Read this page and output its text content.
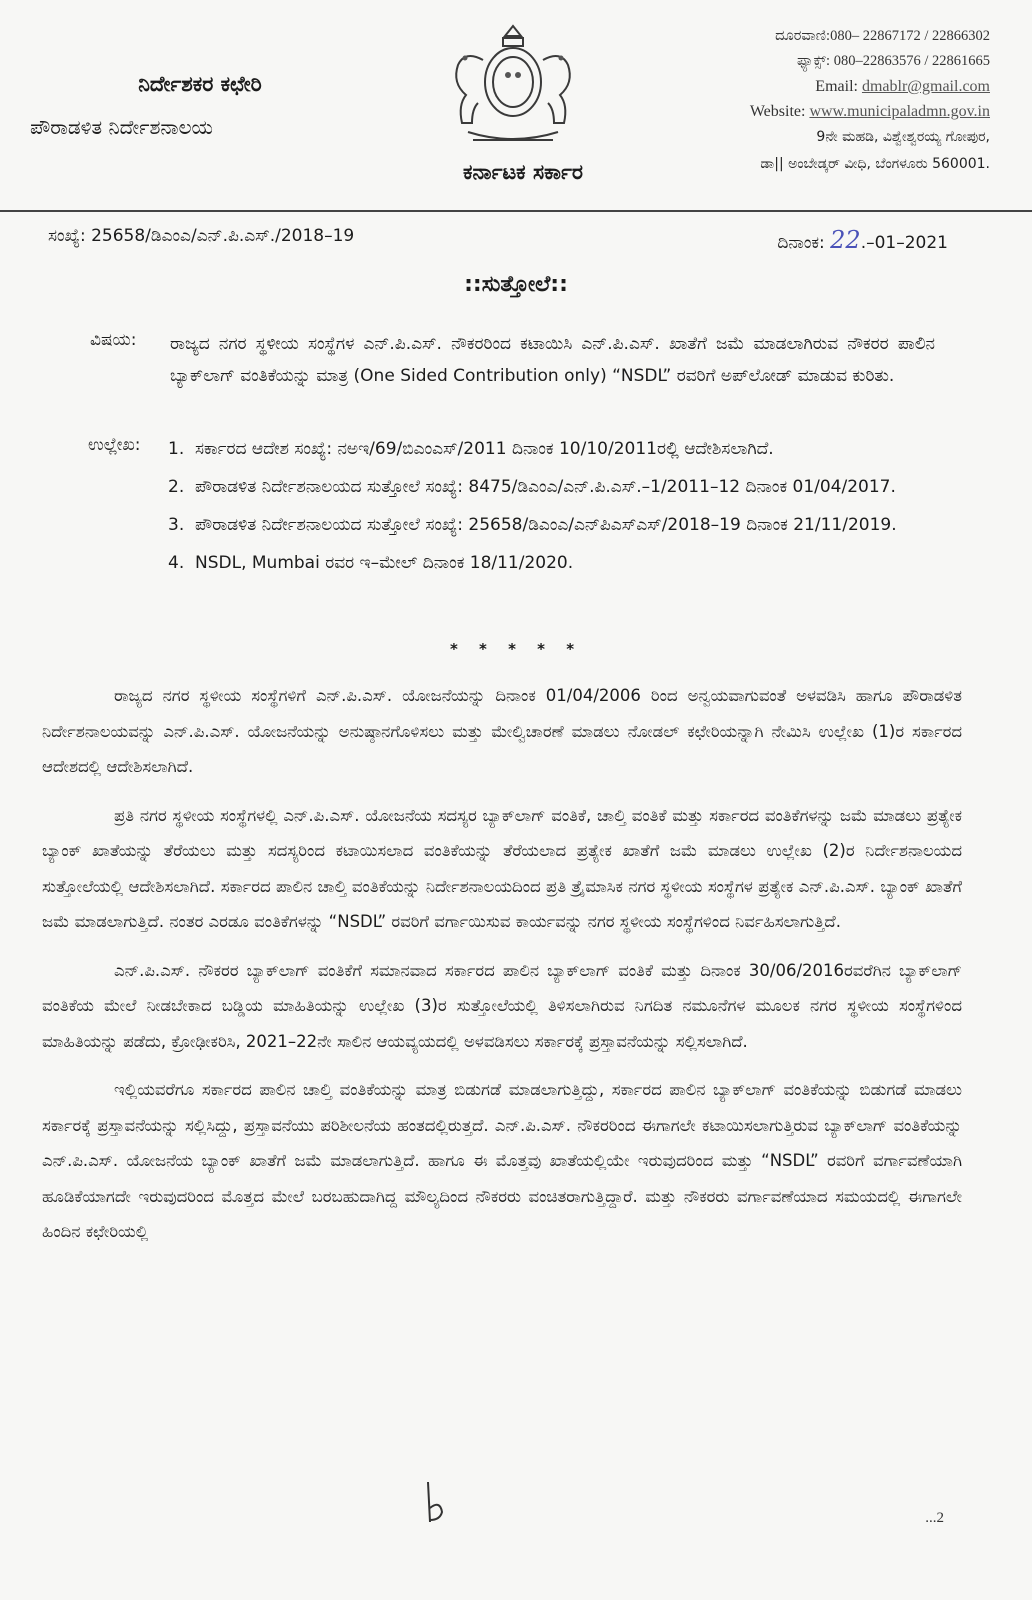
ನಿರ್ದೇಶಕರ ಕಛೇರಿ
ಪೌರಾಡಳಿತ ನಿರ್ದೇಶನಾಲಯ
ಕರ್ನಾಟಕ ಸರ್ಕಾರ
ದೂರವಾಣಿ:080– 22867172 / 22866302
ಫ್ಯಾಕ್ಸ್: 080–22863576 / 22861665
Email: dmablr@gmail.com
Website: www.municipaladmn.gov.in
9ನೇ ಮಹಡಿ, ವಿಶ್ವೇಶ್ವರಯ್ಯ ಗೋಪುರ,
ಡಾ|| ಅಂಬೇಡ್ಕರ್ ವೀಧಿ, ಬೆಂಗಳೂರು 560001.
ಸಂಖ್ಯೆ: 25658/ಡಿಎಂಎ/ಎನ್.ಪಿ.ಎಸ್./2018–19	ದಿನಾಂಕ: 22.–01–2021
::ಸುತ್ತೋಲೆ::
ವಿಷಯ: ರಾಜ್ಯದ ನಗರ ಸ್ಥಳೀಯ ಸಂಸ್ಥೆಗಳ ಎನ್.ಪಿ.ಎಸ್. ನೌಕರರಿಂದ ಕಟಾಯಿಸಿ ಎನ್.ಪಿ.ಎಸ್. ಖಾತೆಗೆ ಜಮೆ ಮಾಡಲಾಗಿರುವ ನೌಕರರ ಪಾಲಿನ ಬ್ಯಾಕ್‌ಲಾಗ್ ವಂತಿಕೆಯನ್ನು ಮಾತ್ರ (One Sided Contribution only) “NSDL” ರವರಿಗೆ ಅಪ್‌ಲೋಡ್ ಮಾಡುವ ಕುರಿತು.
ಉಲ್ಲೇಖ: 1. ಸರ್ಕಾರದ ಆದೇಶ ಸಂಖ್ಯೆ: ನಅಇ/69/ಬಿಎಂಎಸ್/2011 ದಿನಾಂಕ 10/10/2011ರಲ್ಲಿ ಆದೇಶಿಸಲಾಗಿದೆ.
2. ಪೌರಾಡಳಿತ ನಿರ್ದೇಶನಾಲಯದ ಸುತ್ತೋಲೆ ಸಂಖ್ಯೆ: 8475/ಡಿಎಂಎ/ಎನ್.ಪಿ.ಎಸ್.–1/2011–12 ದಿನಾಂಕ 01/04/2017.
3. ಪೌರಾಡಳಿತ ನಿರ್ದೇಶನಾಲಯದ ಸುತ್ತೋಲೆ ಸಂಖ್ಯೆ: 25658/ಡಿಎಂಎ/ಎನ್‌ಪಿಎಸ್‌ಎಸ್/2018–19 ದಿನಾಂಕ 21/11/2019.
4. NSDL, Mumbai ರವರ ಇ–ಮೇಲ್ ದಿನಾಂಕ 18/11/2020.
* * * * *

ರಾಜ್ಯದ ನಗರ ಸ್ಥಳೀಯ ಸಂಸ್ಥೆಗಳಿಗೆ ಎನ್.ಪಿ.ಎಸ್. ಯೋಜನೆಯನ್ನು ದಿನಾಂಕ 01/04/2006 ರಿಂದ ಅನ್ವಯವಾಗುವಂತೆ ಅಳವಡಿಸಿ ಹಾಗೂ ಪೌರಾಡಳಿತ ನಿರ್ದೇಶನಾಲಯವನ್ನು ಎನ್.ಪಿ.ಎಸ್. ಯೋಜನೆಯನ್ನು ಅನುಷ್ಠಾನಗೊಳಿಸಲು ಮತ್ತು ಮೇಲ್ವಿಚಾರಣೆ ಮಾಡಲು ನೋಡಲ್ ಕಛೇರಿಯನ್ನಾಗಿ ನೇಮಿಸಿ ಉಲ್ಲೇಖ (1)ರ ಸರ್ಕಾರದ ಆದೇಶದಲ್ಲಿ ಆದೇಶಿಸಲಾಗಿದೆ.

ಪ್ರತಿ ನಗರ ಸ್ಥಳೀಯ ಸಂಸ್ಥೆಗಳಲ್ಲಿ ಎನ್.ಪಿ.ಎಸ್. ಯೋಜನೆಯ ಸದಸ್ಯರ ಬ್ಯಾಕ್‌ಲಾಗ್ ವಂತಿಕೆ, ಚಾಲ್ತಿ ವಂತಿಕೆ ಮತ್ತು ಸರ್ಕಾರದ ವಂತಿಕೆಗಳನ್ನು ಜಮೆ ಮಾಡಲು ಪ್ರತ್ಯೇಕ ಬ್ಯಾಂಕ್ ಖಾತೆಯನ್ನು ತೆರೆಯಲು ಮತ್ತು ಸದಸ್ಯರಿಂದ ಕಟಾಯಿಸಲಾದ ವಂತಿಕೆಯನ್ನು ತೆರೆಯಲಾದ ಪ್ರತ್ಯೇಕ ಖಾತೆಗೆ ಜಮೆ ಮಾಡಲು ಉಲ್ಲೇಖ (2)ರ ನಿರ್ದೇಶನಾಲಯದ ಸುತ್ತೋಲೆಯಲ್ಲಿ ಆದೇಶಿಸಲಾಗಿದೆ. ಸರ್ಕಾರದ ಪಾಲಿನ ಚಾಲ್ತಿ ವಂತಿಕೆಯನ್ನು ನಿರ್ದೇಶನಾಲಯದಿಂದ ಪ್ರತಿ ತ್ರೈಮಾಸಿಕ ನಗರ ಸ್ಥಳೀಯ ಸಂಸ್ಥೆಗಳ ಪ್ರತ್ಯೇಕ ಎನ್.ಪಿ.ಎಸ್. ಬ್ಯಾಂಕ್ ಖಾತೆಗೆ ಜಮೆ ಮಾಡಲಾಗುತ್ತಿದೆ. ನಂತರ ಎರಡೂ ವಂತಿಕೆಗಳನ್ನು “NSDL” ರವರಿಗೆ ವರ್ಗಾಯಿಸುವ ಕಾರ್ಯವನ್ನು ನಗರ ಸ್ಥಳೀಯ ಸಂಸ್ಥೆಗಳಿಂದ ನಿರ್ವಹಿಸಲಾಗುತ್ತಿದೆ.

ಎನ್.ಪಿ.ಎಸ್. ನೌಕರರ ಬ್ಯಾಕ್‌ಲಾಗ್ ವಂತಿಕೆಗೆ ಸಮಾನವಾದ ಸರ್ಕಾರದ ಪಾಲಿನ ಬ್ಯಾಕ್‌ಲಾಗ್ ವಂತಿಕೆ ಮತ್ತು ದಿನಾಂಕ 30/06/2016ರವರೆಗಿನ ಬ್ಯಾಕ್‌ಲಾಗ್ ವಂತಿಕೆಯ ಮೇಲೆ ನೀಡಬೇಕಾದ ಬಡ್ಡಿಯ ಮಾಹಿತಿಯನ್ನು ಉಲ್ಲೇಖ (3)ರ ಸುತ್ತೋಲೆಯಲ್ಲಿ ತಿಳಿಸಲಾಗಿರುವ ನಿಗದಿತ ನಮೂನೆಗಳ ಮೂಲಕ ನಗರ ಸ್ಥಳೀಯ ಸಂಸ್ಥೆಗಳಿಂದ ಮಾಹಿತಿಯನ್ನು ಪಡೆದು, ಕ್ರೋಢೀಕರಿಸಿ, 2021–22ನೇ ಸಾಲಿನ ಆಯವ್ಯಯದಲ್ಲಿ ಅಳವಡಿಸಲು ಸರ್ಕಾರಕ್ಕೆ ಪ್ರಸ್ತಾವನೆಯನ್ನು ಸಲ್ಲಿಸಲಾಗಿದೆ.

ಇಲ್ಲಿಯವರೆಗೂ ಸರ್ಕಾರದ ಪಾಲಿನ ಚಾಲ್ತಿ ವಂತಿಕೆಯನ್ನು ಮಾತ್ರ ಬಿಡುಗಡೆ ಮಾಡಲಾಗುತ್ತಿದ್ದು, ಸರ್ಕಾರದ ಪಾಲಿನ ಬ್ಯಾಕ್‌ಲಾಗ್ ವಂತಿಕೆಯನ್ನು ಬಿಡುಗಡೆ ಮಾಡಲು ಸರ್ಕಾರಕ್ಕೆ ಪ್ರಸ್ತಾವನೆಯನ್ನು ಸಲ್ಲಿಸಿದ್ದು, ಪ್ರಸ್ತಾವನೆಯು ಪರಿಶೀಲನೆಯ ಹಂತದಲ್ಲಿರುತ್ತದೆ. ಎನ್.ಪಿ.ಎಸ್. ನೌಕರರಿಂದ ಈಗಾಗಲೇ ಕಟಾಯಿಸಲಾಗುತ್ತಿರುವ ಬ್ಯಾಕ್‌ಲಾಗ್ ವಂತಿಕೆಯನ್ನು ಎನ್.ಪಿ.ಎಸ್. ಯೋಜನೆಯ ಬ್ಯಾಂಕ್ ಖಾತೆಗೆ ಜಮೆ ಮಾಡಲಾಗುತ್ತಿದೆ. ಹಾಗೂ ಈ ಮೊತ್ತವು ಖಾತೆಯಲ್ಲಿಯೇ ಇರುವುದರಿಂದ ಮತ್ತು “NSDL” ರವರಿಗೆ ವರ್ಗಾವಣೆಯಾಗಿ ಹೂಡಿಕೆಯಾಗದೇ ಇರುವುದರಿಂದ ಮೊತ್ತದ ಮೇಲೆ ಬರಬಹುದಾಗಿದ್ದ ಮೌಲ್ಯದಿಂದ ನೌಕರರು ವಂಚಿತರಾಗುತ್ತಿದ್ದಾರೆ. ಮತ್ತು ನೌಕರರು ವರ್ಗಾವಣೆಯಾದ ಸಮಯದಲ್ಲಿ ಈಗಾಗಲೇ ಹಿಂದಿನ ಕಛೇರಿಯಲ್ಲಿ

...2
